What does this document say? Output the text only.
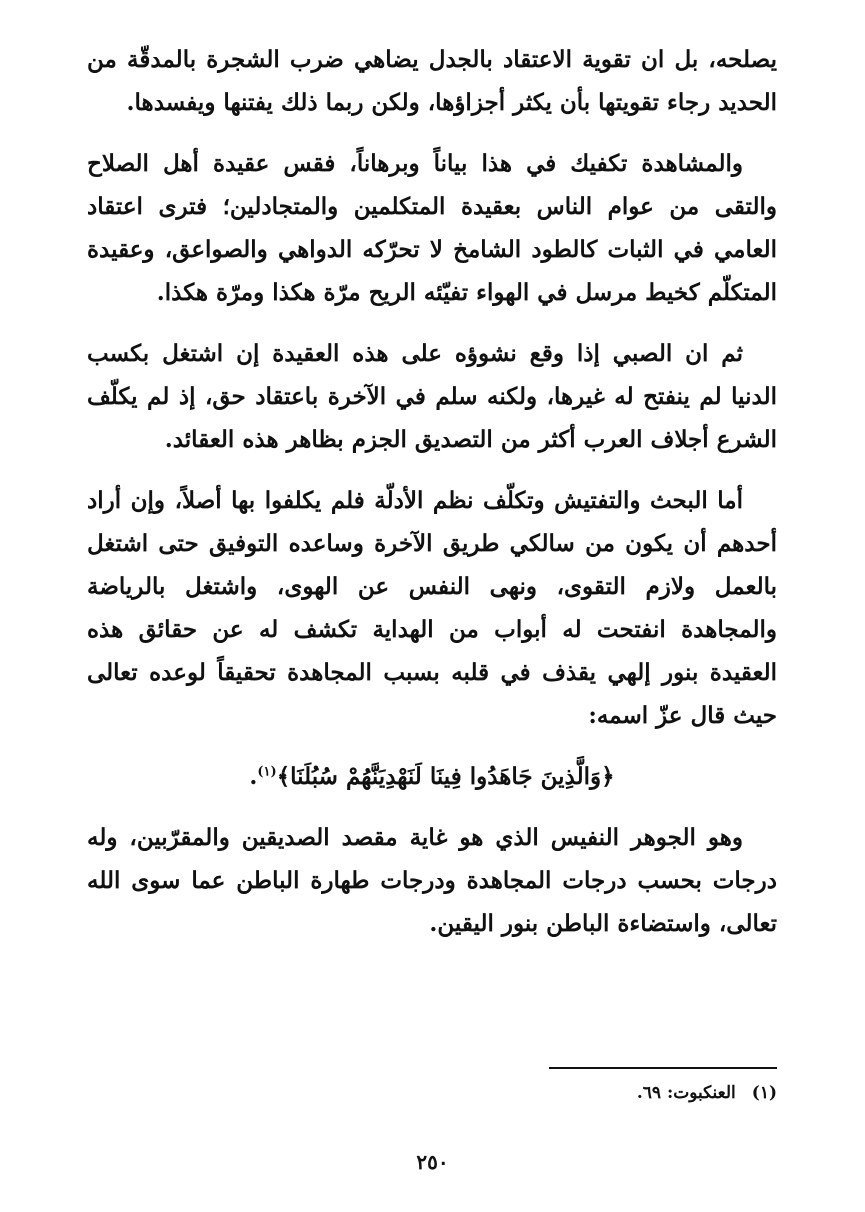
يصلحه، بل ان تقوية الاعتقاد بالجدل يضاهي ضرب الشجرة بالمدقّة من الحديد رجاء تقويتها بأن يكثر أجزاؤها، ولكن ربما ذلك يفتنها ويفسدها.

والمشاهدة تكفيك في هذا بياناً وبرهاناً، فقس عقيدة أهل الصلاح والتقى من عوام الناس بعقيدة المتكلمين والمتجادلين؛ فترى اعتقاد العامي في الثبات كالطود الشامخ لا تحرّكه الدواهي والصواعق، وعقيدة المتكلّم كخيط مرسل في الهواء تفيّئه الريح مرّة هكذا ومرّة هكذا.

ثم ان الصبي إذا وقع نشوؤه على هذه العقيدة إن اشتغل بكسب الدنيا لم ينفتح له غيرها، ولكنه سلم في الآخرة باعتقاد حق، إذ لم يكلّف الشرع أجلاف العرب أكثر من التصديق الجزم بظاهر هذه العقائد.

أما البحث والتفتيش وتكلّف نظم الأدلّة فلم يكلفوا بها أصلاً، وإن أراد أحدهم أن يكون من سالكي طريق الآخرة وساعده التوفيق حتى اشتغل بالعمل ولازم التقوى، ونهى النفس عن الهوى، واشتغل بالرياضة والمجاهدة انفتحت له أبواب من الهداية تكشف له عن حقائق هذه العقيدة بنور إلهي يقذف في قلبه بسبب المجاهدة تحقيقاً لوعده تعالى حيث قال عزّ اسمه:

﴿وَالَّذِينَ جَاهَدُوا فِينَا لَنَهْدِيَنَّهُمْ سُبُلَنَا﴾$^{(١)}$.

وهو الجوهر النفيس الذي هو غاية مقصد الصديقين والمقرّبين، وله درجات بحسب درجات المجاهدة ودرجات طهارة الباطن عما سوى الله تعالى، واستضاءة الباطن بنور اليقين.

(١)العنكبوت: ٦٩.
٢٥٠
